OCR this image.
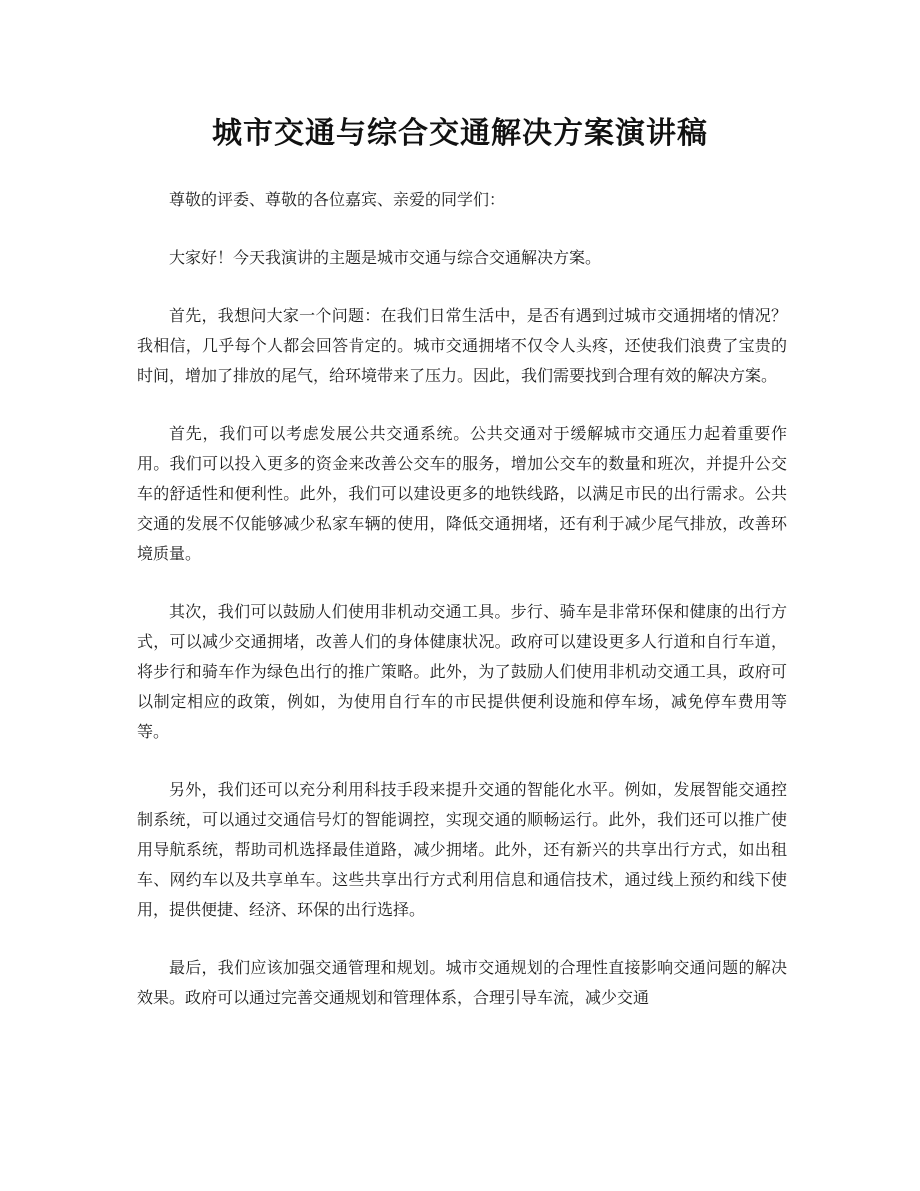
城市交通与综合交通解决方案演讲稿

尊敬的评委、尊敬的各位嘉宾、亲爱的同学们：

大家好！今天我演讲的主题是城市交通与综合交通解决方案。

首先，我想问大家一个问题：在我们日常生活中，是否有遇到过城市交通拥堵的情况？我相信，几乎每个人都会回答肯定的。城市交通拥堵不仅令人头疼，还使我们浪费了宝贵的时间，增加了排放的尾气，给环境带来了压力。因此，我们需要找到合理有效的解决方案。

首先，我们可以考虑发展公共交通系统。公共交通对于缓解城市交通压力起着重要作用。我们可以投入更多的资金来改善公交车的服务，增加公交车的数量和班次，并提升公交车的舒适性和便利性。此外，我们可以建设更多的地铁线路，以满足市民的出行需求。公共交通的发展不仅能够减少私家车辆的使用，降低交通拥堵，还有利于减少尾气排放，改善环境质量。

其次，我们可以鼓励人们使用非机动交通工具。步行、骑车是非常环保和健康的出行方式，可以减少交通拥堵，改善人们的身体健康状况。政府可以建设更多人行道和自行车道，将步行和骑车作为绿色出行的推广策略。此外，为了鼓励人们使用非机动交通工具，政府可以制定相应的政策，例如，为使用自行车的市民提供便利设施和停车场，减免停车费用等等。

另外，我们还可以充分利用科技手段来提升交通的智能化水平。例如，发展智能交通控制系统，可以通过交通信号灯的智能调控，实现交通的顺畅运行。此外，我们还可以推广使用导航系统，帮助司机选择最佳道路，减少拥堵。此外，还有新兴的共享出行方式，如出租车、网约车以及共享单车。这些共享出行方式利用信息和通信技术，通过线上预约和线下使用，提供便捷、经济、环保的出行选择。

最后，我们应该加强交通管理和规划。城市交通规划的合理性直接影响交通问题的解决效果。政府可以通过完善交通规划和管理体系，合理引导车流，减少交通
